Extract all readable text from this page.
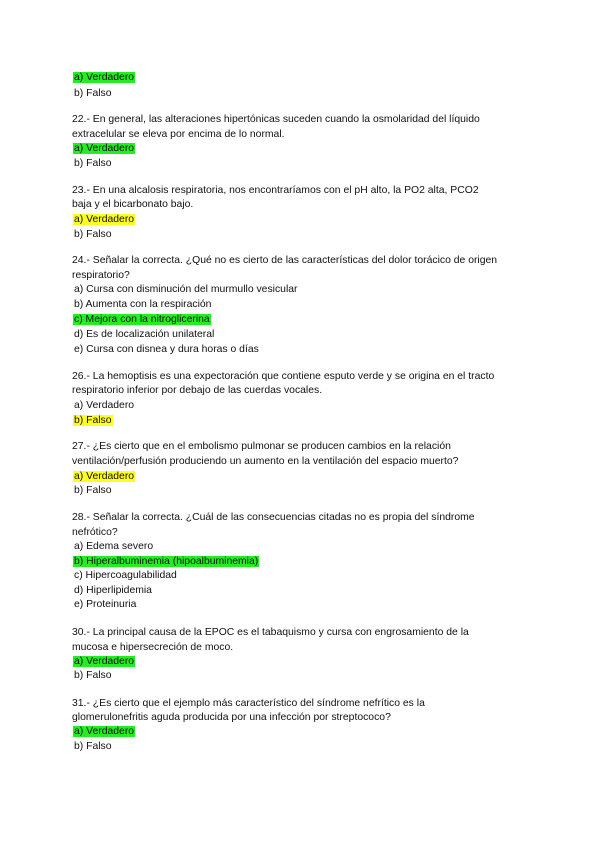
a) Verdadero
b) Falso
22.- En general, las alteraciones hipertónicas suceden cuando la osmolaridad del líquido
extracelular se eleva por encima de lo normal.
a) Verdadero
b) Falso
23.- En una alcalosis respiratoria, nos encontraríamos con el pH alto, la PO2 alta, PCO2
baja y el bicarbonato bajo.
a) Verdadero
b) Falso
24.- Señalar la correcta. ¿Qué no es cierto de las características del dolor torácico de origen
respiratorio?
a) Cursa con disminución del murmullo vesicular
b) Aumenta con la respiración
c) Mejora con la nitroglicerina
d) Es de localización unilateral
e) Cursa con disnea y dura horas o días
26.- La hemoptisis es una expectoración que contiene esputo verde y se origina en el tracto
respiratorio inferior por debajo de las cuerdas vocales.
a) Verdadero
b) Falso
27.- ¿Es cierto que en el embolismo pulmonar se producen cambios en la relación
ventilación/perfusión produciendo un aumento en la ventilación del espacio muerto?
a) Verdadero
b) Falso
28.- Señalar la correcta. ¿Cuál de las consecuencias citadas no es propia del síndrome
nefrótico?
a) Edema severo
b) Hiperalbuminemia (hipoalbuminemia)
c) Hipercoagulabilidad
d) Hiperlipidemia
e) Proteinuria
30.- La principal causa de la EPOC es el tabaquismo y cursa con engrosamiento de la
mucosa e hipersecreción de moco.
a) Verdadero
b) Falso
31.- ¿Es cierto que el ejemplo más característico del síndrome nefrítico es la
glomerulonefritis aguda producida por una infección por streptococo?
a) Verdadero
b) Falso
